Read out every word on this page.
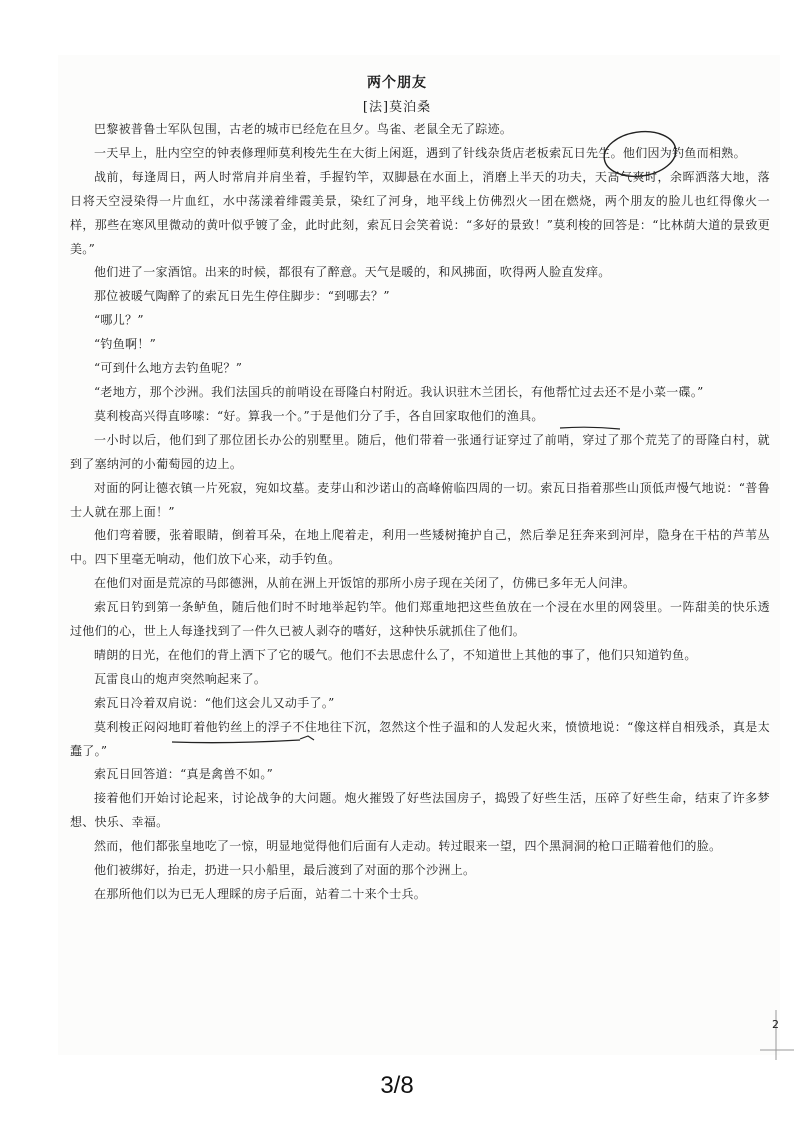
两个朋友
[法]莫泊桑

巴黎被普鲁士军队包围，古老的城市已经危在旦夕。鸟雀、老鼠全无了踪迹。

一天早上，肚内空空的钟表修理师莫利梭先生在大街上闲逛，遇到了针线杂货店老板索瓦日先生。他们因为钓鱼而相熟。

战前，每逢周日，两人时常肩并肩坐着，手握钓竿，双脚悬在水面上，消磨上半天的功夫，天高气爽时，余晖洒落大地，落日将天空浸染得一片血红，水中荡漾着绯霞美景，染红了河身，地平线上仿佛烈火一团在燃烧，两个朋友的脸儿也红得像火一样，那些在寒风里微动的黄叶似乎镀了金，此时此刻，索瓦日会笑着说：“多好的景致！”莫利梭的回答是：“比林荫大道的景致更美。”

他们进了一家酒馆。出来的时候，都很有了醉意。天气是暖的，和风拂面，吹得两人脸直发痒。

那位被暖气陶醉了的索瓦日先生停住脚步：“到哪去？”

“哪儿？”

“钓鱼啊！”

“可到什么地方去钓鱼呢？”

“老地方，那个沙洲。我们法国兵的前哨设在哥隆白村附近。我认识驻木兰团长，有他帮忙过去还不是小菜一碟。”

莫利梭高兴得直哆嗦：“好。算我一个。”于是他们分了手，各自回家取他们的渔具。

一小时以后，他们到了那位团长办公的别墅里。随后，他们带着一张通行证穿过了前哨，穿过了那个荒芜了的哥隆白村，就到了塞纳河的小葡萄园的边上。

对面的阿让德衣镇一片死寂，宛如坟墓。麦芽山和沙诺山的高峰俯临四周的一切。索瓦日指着那些山顶低声慢气地说：“普鲁士人就在那上面！”

他们弯着腰，张着眼睛，倒着耳朵，在地上爬着走，利用一些矮树掩护自己，然后拳足狂奔来到河岸，隐身在干枯的芦苇丛中。四下里毫无响动，他们放下心来，动手钓鱼。

在他们对面是荒凉的马郎德洲，从前在洲上开饭馆的那所小房子现在关闭了，仿佛已多年无人问津。

索瓦日钓到第一条鲈鱼，随后他们时不时地举起钓竿。他们郑重地把这些鱼放在一个浸在水里的网袋里。一阵甜美的快乐透过他们的心，世上人每逢找到了一件久已被人剥夺的嗜好，这种快乐就抓住了他们。

晴朗的日光，在他们的背上洒下了它的暖气。他们不去思虑什么了，不知道世上其他的事了，他们只知道钓鱼。

瓦雷良山的炮声突然响起来了。

索瓦日冷着双肩说：“他们这会儿又动手了。”

莫利梭正闷闷地盯着他钓丝上的浮子不住地往下沉，忽然这个性子温和的人发起火来，愤愤地说：“像这样自相残杀，真是太蠢了。”

索瓦日回答道：“真是禽兽不如。”

接着他们开始讨论起来，讨论战争的大问题。炮火摧毁了好些法国房子，捣毁了好些生活，压碎了好些生命，结束了许多梦想、快乐、幸福。

然而，他们都张皇地吃了一惊，明显地觉得他们后面有人走动。转过眼来一望，四个黑洞洞的枪口正瞄着他们的脸。

他们被绑好，抬走，扔进一只小船里，最后渡到了对面的那个沙洲上。

在那所他们以为已无人理睬的房子后面，站着二十来个士兵。

2
3/8
